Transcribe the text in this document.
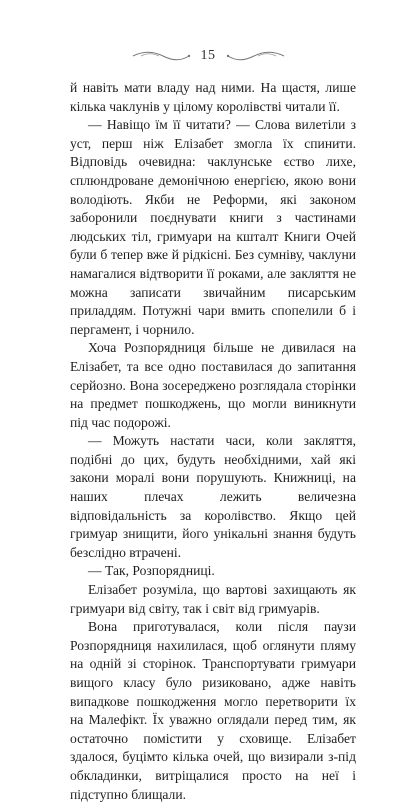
15

й навіть мати владу над ними. На щастя, лише кілька чаклунів у цілому королівстві читали її.

— Навіщо їм її читати? — Слова вилетіли з уст, перш ніж Елізабет змогла їх спинити. Відповідь очевидна: чаклунське єство лихе, сплюндроване демонічною енергією, якою вони володіють. Якби не Реформи, які законом заборонили поєднувати книги з частинами людських тіл, гримуари на кшталт Книги Очей були б тепер вже й рідкісні. Без сумніву, чаклуни намагалися відтворити її роками, але закляття не можна записати звичайним писарським приладдям. Потужні чари вмить спопелили б і пергамент, і чорнило.

Хоча Розпорядниця більше не дивилася на Елізабет, та все одно поставилася до запитання серйозно. Вона зосереджено розглядала сторінки на предмет пошкоджень, що могли виникнути під час подорожі.

— Можуть настати часи, коли закляття, подібні до цих, будуть необхідними, хай які закони моралі вони порушують. Книжниці, на наших плечах лежить величезна відповідальність за королівство. Якщо цей гримуар знищити, його унікальні знання будуть безслідно втрачені.

— Так, Розпорядниці.

Елізабет розуміла, що вартові захищають як гримуари від світу, так і світ від гримуарів.

Вона приготувалася, коли після паузи Розпорядниця нахилилася, щоб оглянути пляму на одній зі сторінок. Транспортувати гримуари вищого класу було ризиковано, адже навіть випадкове пошкодження могло перетворити їх на Малефікт. Їх уважно оглядали перед тим, як остаточно помістити у сховище. Елізабет здалося, буцімто кілька очей, що визирали з-під обкладинки, витріщалися просто на неї і підступно блищали.
